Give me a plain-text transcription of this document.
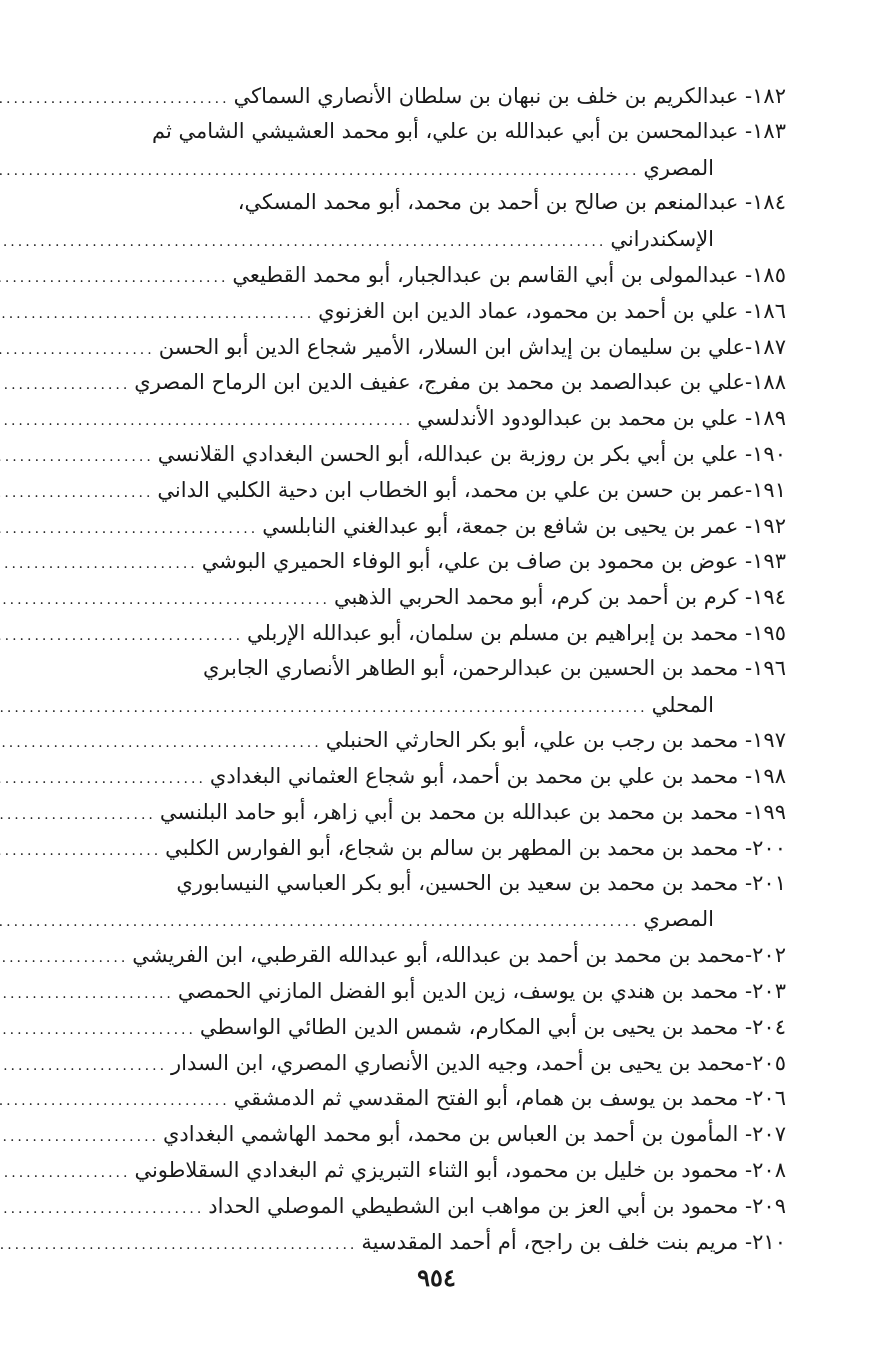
١٨٢- عبدالكريم بن خلف بن نبهان بن سلطان الأنصاري السماكي
.....
١٨٣- عبدالمحسن بن أبي عبدالله بن علي، أبو محمد العشيشي الشامي ثم
المصري
.....
١٨٤- عبدالمنعم بن صالح بن أحمد بن محمد، أبو محمد المسكي،
الإسكندراني
.....
١٨٥- عبدالمولى بن أبي القاسم بن عبدالجبار، أبو محمد القطيعي
.....
١٨٦- علي بن أحمد بن محمود، عماد الدين ابن الغزنوي
.....
١٨٧-علي بن سليمان بن إيداش ابن السلار، الأمير شجاع الدين أبو الحسن
.....
١٨٨-علي بن عبدالصمد بن محمد بن مفرج، عفيف الدين ابن الرماح المصري
.....
١٨٩- علي بن محمد بن عبدالودود الأندلسي
.....
١٩٠- علي بن أبي بكر بن روزبة بن عبدالله، أبو الحسن البغدادي القلانسي
.....
١٩١-عمر بن حسن بن علي بن محمد، أبو الخطاب ابن دحية الكلبي الداني
.....
١٩٢- عمر بن يحيى بن شافع بن جمعة، أبو عبدالغني النابلسي
.....
١٩٣- عوض بن محمود بن صاف بن علي، أبو الوفاء الحميري البوشي
.....
١٩٤- كرم بن أحمد بن كرم، أبو محمد الحربي الذهبي
.....
١٩٥- محمد بن إبراهيم بن مسلم بن سلمان، أبو عبدالله الإربلي
.....
١٩٦- محمد بن الحسين بن عبدالرحمن، أبو الطاهر الأنصاري الجابري
المحلي
.....
١٩٧- محمد بن رجب بن علي، أبو بكر الحارثي الحنبلي
.....
١٩٨- محمد بن علي بن محمد بن أحمد، أبو شجاع العثماني البغدادي
.....
١٩٩- محمد بن محمد بن عبدالله بن محمد بن أبي زاهر، أبو حامد البلنسي
.....
٢٠٠- محمد بن محمد بن المطهر بن سالم بن شجاع، أبو الفوارس الكلبي
.....
٢٠١- محمد بن محمد بن سعيد بن الحسين، أبو بكر العباسي النيسابوري
المصري
.....
٢٠٢-محمد بن محمد بن أحمد بن عبدالله، أبو عبدالله القرطبي، ابن الفريشي
.....
٢٠٣- محمد بن هندي بن يوسف، زين الدين أبو الفضل المازني الحمصي
.....
٢٠٤- محمد بن يحيى بن أبي المكارم، شمس الدين الطائي الواسطي
.....
٢٠٥-محمد بن يحيى بن أحمد، وجيه الدين الأنصاري المصري، ابن السدار
.....
٢٠٦- محمد بن يوسف بن همام، أبو الفتح المقدسي ثم الدمشقي
.....
٢٠٧- المأمون بن أحمد بن العباس بن محمد، أبو محمد الهاشمي البغدادي
.....
٢٠٨- محمود بن خليل بن محمود، أبو الثناء التبريزي ثم البغدادي السقلاطوني
.....
٢٠٩- محمود بن أبي العز بن مواهب ابن الشطيطي الموصلي الحداد
.....
٢١٠- مريم بنت خلف بن راجح، أم أحمد المقدسية
.....
٩٥٤
